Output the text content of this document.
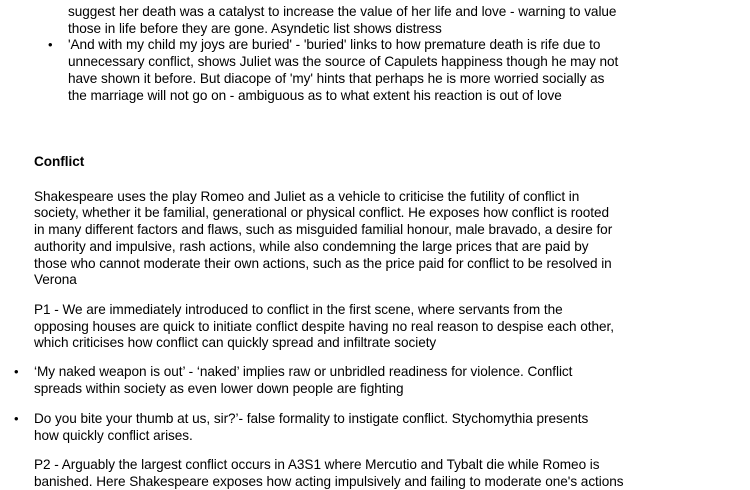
suggest her death was a catalyst to increase the value of her life and love - warning to value
those in life before they are gone. Asyndetic list shows distress
• 'And with my child my joys are buried' - 'buried' links to how premature death is rife due to
unnecessary conflict, shows Juliet was the source of Capulets happiness though he may not
have shown it before. But diacope of 'my' hints that perhaps he is more worried socially as
the marriage will not go on - ambiguous as to what extent his reaction is out of love
Conflict
Shakespeare uses the play Romeo and Juliet as a vehicle to criticise the futility of conflict in
society, whether it be familial, generational or physical conflict. He exposes how conflict is rooted
in many different factors and flaws, such as misguided familial honour, male bravado, a desire for
authority and impulsive, rash actions, while also condemning the large prices that are paid by
those who cannot moderate their own actions, such as the price paid for conflict to be resolved in
Verona
P1 - We are immediately introduced to conflict in the first scene, where servants from the
opposing houses are quick to initiate conflict despite having no real reason to despise each other,
which criticises how conflict can quickly spread and infiltrate society
• ‘My naked weapon is out’ - ‘naked’ implies raw or unbridled readiness for violence. Conflict
spreads within society as even lower down people are fighting
• Do you bite your thumb at us, sir?’- false formality to instigate conflict. Stychomythia presents
how quickly conflict arises.
P2 - Arguably the largest conflict occurs in A3S1 where Mercutio and Tybalt die while Romeo is
banished. Here Shakespeare exposes how acting impulsively and failing to moderate one's actions
